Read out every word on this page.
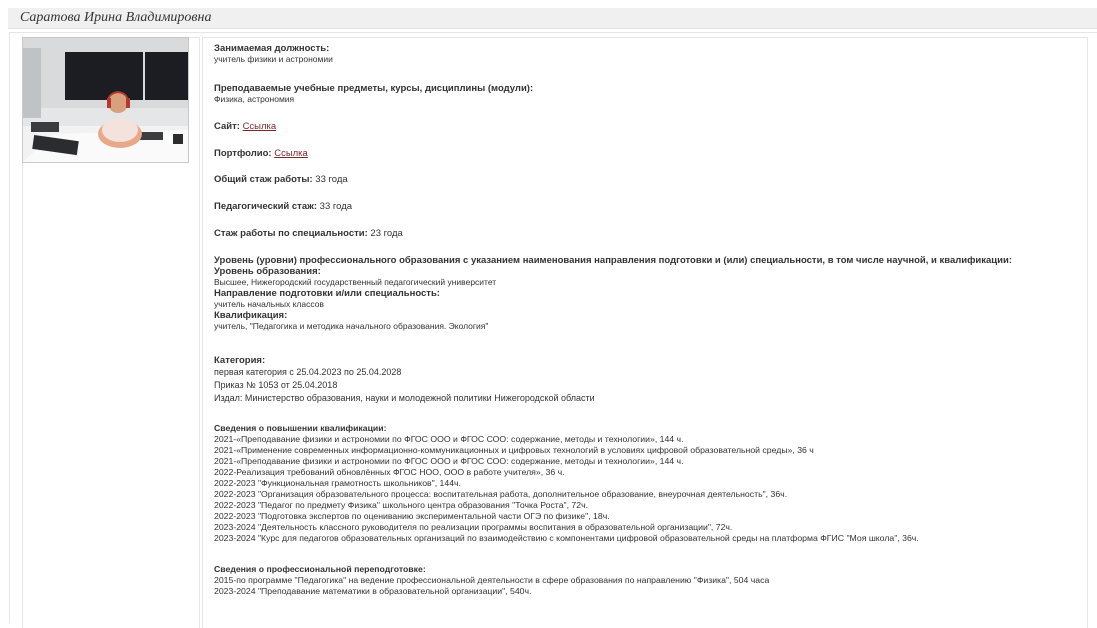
Саратова Ирина Владимировна
Занимаемая должность:
учитель физики и астрономии
Преподаваемые учебные предметы, курсы, дисциплины (модули):
Физика, астрономия
Сайт: Ссылка
Портфолио: Ссылка
Общий стаж работы: 33 года
Педагогический стаж: 33 года
Стаж работы по специальности: 23 года
Уровень (уровни) профессионального образования с указанием наименования направления подготовки и (или) специальности, в том числе научной, и квалификации:
Уровень образования:
Высшее, Нижегородский государственный педагогический университет
Направление подготовки и/или специальность:
учитель начальных классов
Квалификация:
учитель, "Педагогика и методика начального образования. Экология"
Категория:
первая категория с 25.04.2023 по 25.04.2028
Приказ № 1053 от 25.04.2018
Издал: Министерство образования, науки и молодежной политики Нижегородской области
Сведения о повышении квалификации:
2021-«Преподавание физики и астрономии по ФГОС ООО и ФГОС СОО: содержание, методы и технологии», 144 ч.
2021-«Применение современных информационно-коммуникационных и цифровых технологий в условиях цифровой образовательной среды», 36 ч
2021-«Преподавание физики и астрономии по ФГОС ООО и ФГОС СОО: содержание, методы и технологии», 144 ч.
2022-Реализация требований обновлённых ФГОС НОО, ООО в работе учителя», 36 ч.
2022-2023 "Функциональная грамотность школьников", 144ч.
2022-2023 "Организация образовательного процесса: воспитательная работа, дополнительное образование, внеурочная деятельность", 36ч.
2022-2023 "Педагог по предмету Физика" школьного центра образования "Точка Роста", 72ч.
2022-2023 "Подготовка экспертов по оцениванию экспериментальной части ОГЭ по физике", 18ч.
2023-2024 "Деятельность классного руководителя по реализации программы воспитания в образовательной организации", 72ч.
2023-2024 "Курс для педагогов образовательных организаций по взаимодействию с компонентами цифровой образовательной среды на платформа ФГИС "Моя школа", 36ч.
Сведения о профессиональной переподготовке:
2015-по программе "Педагогика" на ведение профессиональной деятельности в сфере образования по направлению "Физика", 504 часа
2023-2024 "Преподавание математики в образовательной организации", 540ч.
